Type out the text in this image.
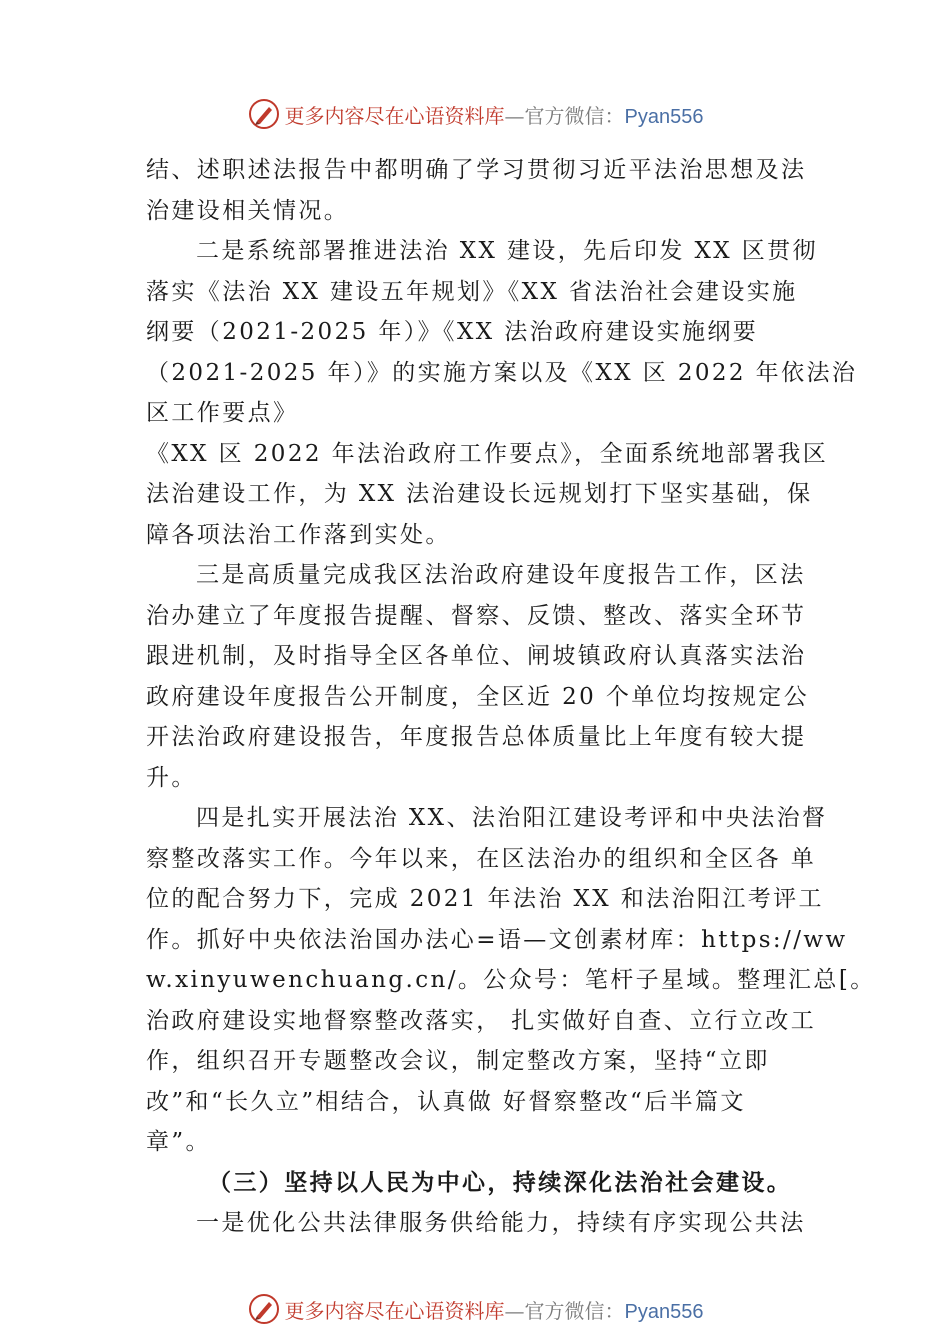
更多内容尽在心语资料库—官方微信：Pyan556
结、述职述法报告中都明确了学习贯彻习近平法治思想及法
治建设相关情况。
二是系统部署推进法治 XX 建设，先后印发 XX 区贯彻
落实《法治 XX 建设五年规划》《XX 省法治社会建设实施
纲要（2021-2025 年）》《XX 法治政府建设实施纲要
（2021-2025 年）》的实施方案以及《XX 区 2022 年依法治
区工作要点》
《XX 区 2022 年法治政府工作要点》，全面系统地部署我区
法治建设工作，为 XX 法治建设长远规划打下坚实基础，保
障各项法治工作落到实处。
三是高质量完成我区法治政府建设年度报告工作，区法
治办建立了年度报告提醒、督察、反馈、整改、落实全环节
跟进机制，及时指导全区各单位、闸坡镇政府认真落实法治
政府建设年度报告公开制度，全区近 20 个单位均按规定公
开法治政府建设报告，年度报告总体质量比上年度有较大提
升。
四是扎实开展法治 XX、法治阳江建设考评和中央法治督
察整改落实工作。今年以来，在区法治办的组织和全区各 单
位的配合努力下，完成 2021 年法治 XX 和法治阳江考评工
作。抓好中央依法治国办法心=语—文创素材库：https://ww
w.xinyuwenchuang.cn/。公众号：笔杆子星域。整理汇总[。
治政府建设实地督察整改落实， 扎实做好自查、立行立改工
作，组织召开专题整改会议，制定整改方案，坚持“立即
改”和“长久立”相结合，认真做 好督察整改“后半篇文
章”。
（三）坚持以人民为中心，持续深化法治社会建设。
一是优化公共法律服务供给能力，持续有序实现公共法
更多内容尽在心语资料库—官方微信：Pyan556
